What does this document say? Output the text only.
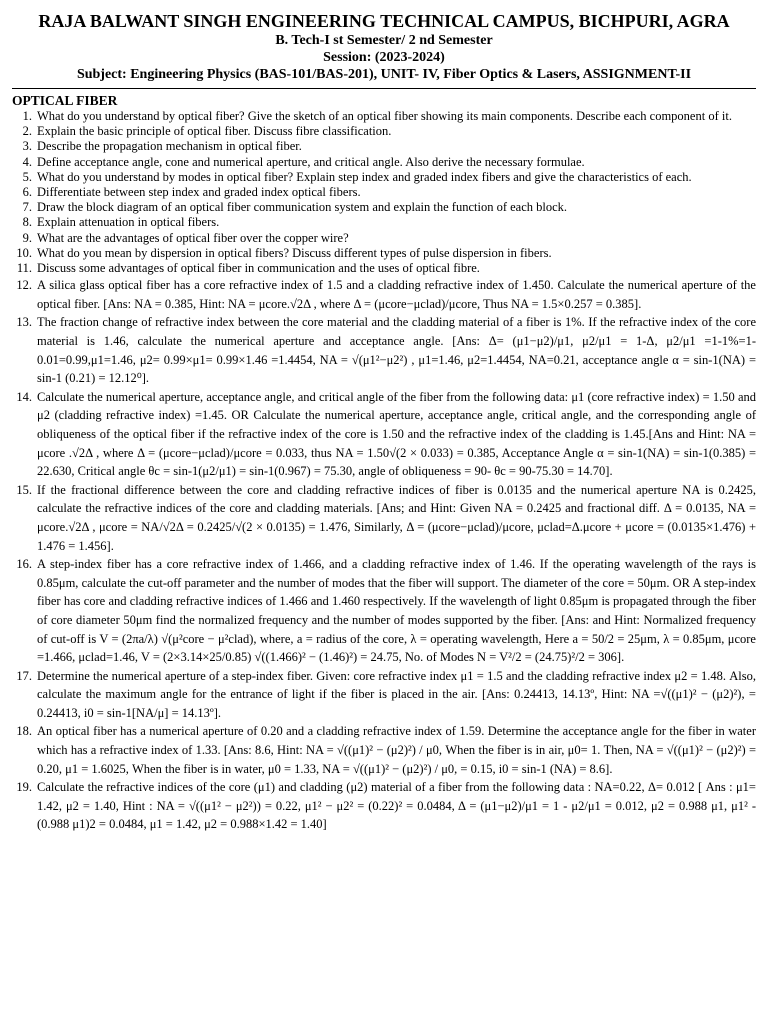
RAJA BALWANT SINGH ENGINEERING TECHNICAL CAMPUS, BICHPURI, AGRA
B. Tech-I st Semester/ 2 nd Semester
Session: (2023-2024)
Subject: Engineering Physics (BAS-101/BAS-201), UNIT- IV, Fiber Optics & Lasers, ASSIGNMENT-II
OPTICAL FIBER
1. What do you understand by optical fiber? Give the sketch of an optical fiber showing its main components. Describe each component of it.
2. Explain the basic principle of optical fiber. Discuss fibre classification.
3. Describe the propagation mechanism in optical fiber.
4. Define acceptance angle, cone and numerical aperture, and critical angle. Also derive the necessary formulae.
5. What do you understand by modes in optical fiber? Explain step index and graded index fibers and give the characteristics of each.
6. Differentiate between step index and graded index optical fibers.
7. Draw the block diagram of an optical fiber communication system and explain the function of each block.
8. Explain attenuation in optical fibers.
9. What are the advantages of optical fiber over the copper wire?
10. What do you mean by dispersion in optical fibers? Discuss different types of pulse dispersion in fibers.
11. Discuss some advantages of optical fiber in communication and the uses of optical fibre.
12. A silica glass optical fiber has a core refractive index of 1.5 and a cladding refractive index of 1.450. Calculate the numerical aperture of the optical fiber. [Ans: NA = 0.385, Hint: NA = μcore.√2Δ , where Δ = (μcore−μclad)/μcore, Thus NA = 1.5×0.257 = 0.385].
13. The fraction change of refractive index between the core material and the cladding material of a fiber is 1%. If the refractive index of the core material is 1.46, calculate the numerical aperture and acceptance angle. [Ans: Δ= (μ1−μ2)/μ1, μ2/μ1 = 1-Δ, μ2/μ1 =1-1%=1-0.01=0.99,μ1=1.46, μ2= 0.99×μ1= 0.99×1.46 =1.4454, NA = √(μ1²−μ2²) , μ1=1.46, μ2=1.4454, NA=0.21, acceptance angle α = sin-1(NA) = sin-1 (0.21) = 12.12⁰].
14. Calculate the numerical aperture, acceptance angle, and critical angle of the fiber from the following data: μ1 (core refractive index) = 1.50 and μ2 (cladding refractive index) =1.45. OR Calculate the numerical aperture, acceptance angle, critical angle, and the corresponding angle of obliqueness of the optical fiber if the refractive index of the core is 1.50 and the refractive index of the cladding is 1.45.[Ans and Hint: NA = μcore .√2Δ , where Δ = (μcore−μclad)/μcore = 0.033, thus NA = 1.50√(2 × 0.033) = 0.385, Acceptance Angle α = sin-1(NA) = sin-1(0.385) = 22.630, Critical angle θc = sin-1(μ2/μ1) = sin-1(0.967) = 75.30, angle of obliqueness = 90- θc = 90-75.30 = 14.70].
15. If the fractional difference between the core and cladding refractive indices of fiber is 0.0135 and the numerical aperture NA is 0.2425, calculate the refractive indices of the core and cladding materials. [Ans; and Hint: Given NA = 0.2425 and fractional diff. Δ = 0.0135, NA = μcore.√2Δ , μcore = NA/√2Δ = 0.2425/√(2 × 0.0135) = 1.476, Similarly, Δ = (μcore−μclad)/μcore, μclad=Δ.μcore + μcore = (0.0135×1.476) + 1.476 = 1.456].
16. A step-index fiber has a core refractive index of 1.466, and a cladding refractive index of 1.46. If the operating wavelength of the rays is 0.85μm, calculate the cut-off parameter and the number of modes that the fiber will support. The diameter of the core = 50μm. OR A step-index fiber has core and cladding refractive indices of 1.466 and 1.460 respectively. If the wavelength of light 0.85μm is propagated through the fiber of core diameter 50μm find the normalized frequency and the number of modes supported by the fiber. [Ans: and Hint: Normalized frequency of cut-off is V = (2πa/λ) √(μ²core − μ²clad), where, a = radius of the core, λ = operating wavelength, Here a = 50/2 = 25μm, λ = 0.85μm, μcore =1.466, μclad=1.46, V = (2×3.14×25/0.85) √((1.466)² − (1.46)²) = 24.75, No. of Modes N = V²/2 = (24.75)²/2 = 306].
17. Determine the numerical aperture of a step-index fiber. Given: core refractive index μ1 = 1.5 and the cladding refractive index μ2 = 1.48. Also, calculate the maximum angle for the entrance of light if the fiber is placed in the air. [Ans: 0.24413, 14.13º, Hint: NA =√((μ1)² − (μ2)²), = 0.24413, i0 = sin-1[NA/μ] = 14.13º].
18. An optical fiber has a numerical aperture of 0.20 and a cladding refractive index of 1.59. Determine the acceptance angle for the fiber in water which has a refractive index of 1.33. [Ans: 8.6, Hint: NA = √((μ1)² − (μ2)²) / μ0, When the fiber is in air, μ0= 1. Then, NA = √((μ1)² − (μ2)²) = 0.20, μ1 = 1.6025, When the fiber is in water, μ0 = 1.33, NA = √((μ1)² − (μ2)²) / μ0, = 0.15, i0 = sin-1 (NA) = 8.6].
19. Calculate the refractive indices of the core (μ1) and cladding (μ2) material of a fiber from the following data : NA=0.22, Δ= 0.012 [ Ans : μ1= 1.42, μ2 = 1.40, Hint : NA = √((μ1² − μ2²)) = 0.22, μ1² − μ2² = (0.22)² = 0.0484, Δ = (μ1−μ2)/μ1 = 1 - μ2/μ1 = 0.012, μ2 = 0.988 μ1, μ1² - (0.988 μ1)2 = 0.0484, μ1 = 1.42, μ2 = 0.988×1.42 = 1.40]
